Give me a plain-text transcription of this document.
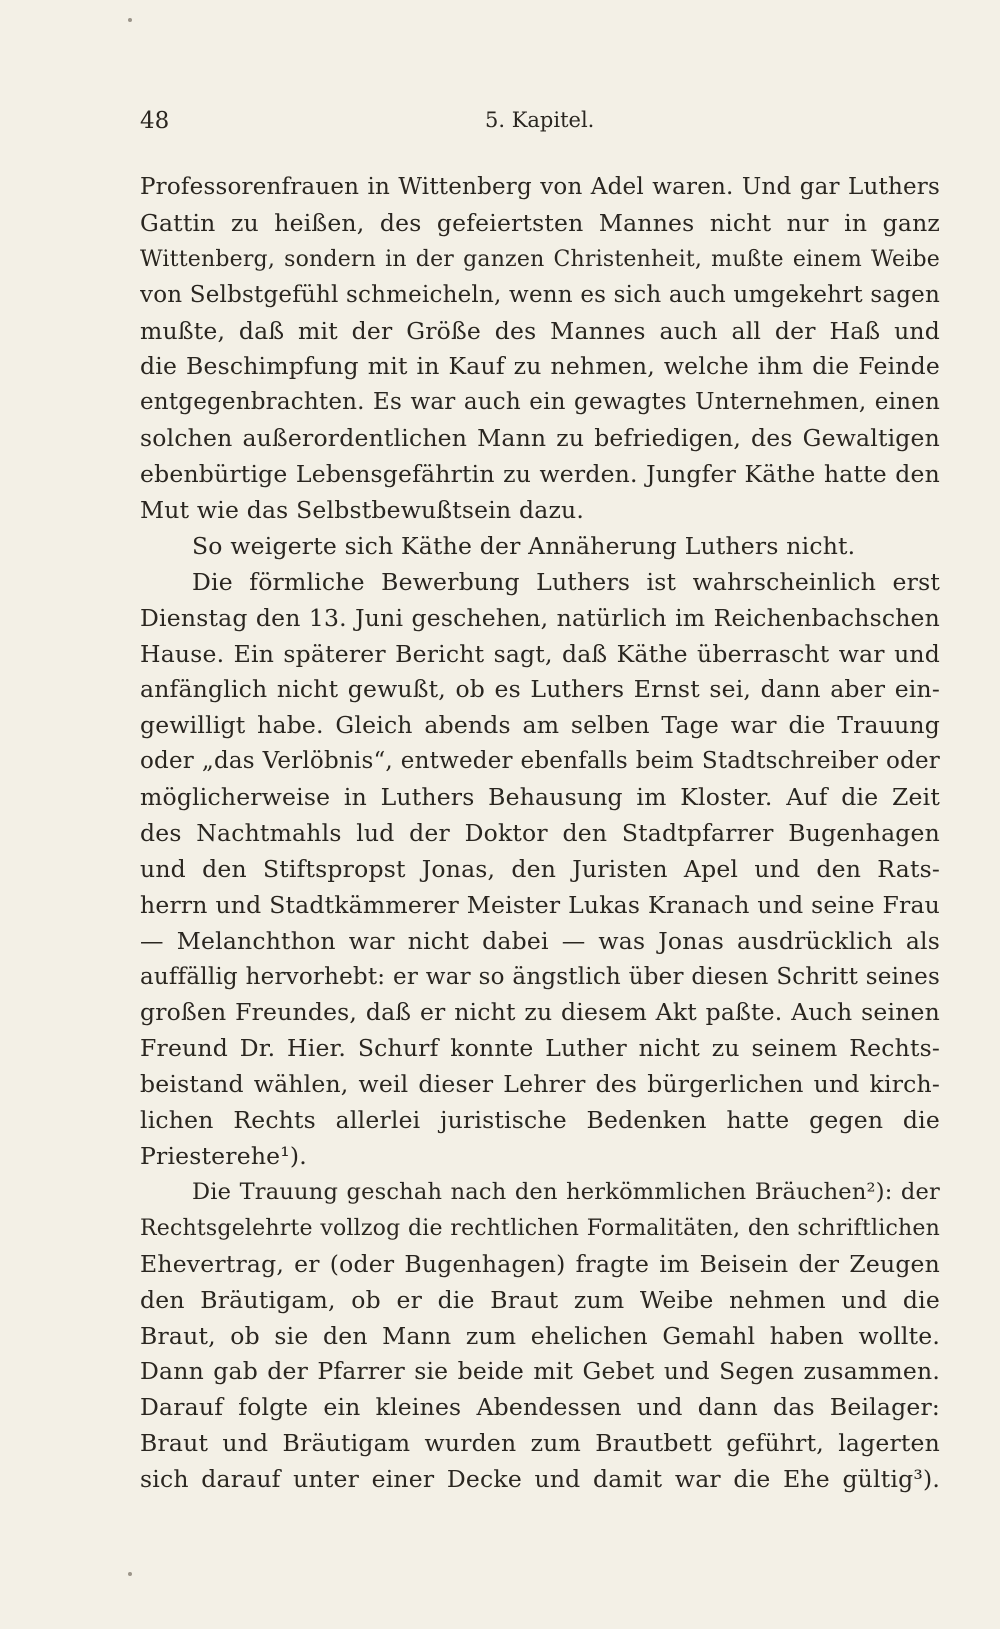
48	5. Kapitel.
Professorenfrauen in Wittenberg von Adel waren. Und gar Luthers
Gattin zu heißen, des gefeiertsten Mannes nicht nur in ganz
Wittenberg, sondern in der ganzen Christenheit, mußte einem Weibe
von Selbstgefühl schmeicheln, wenn es sich auch umgekehrt sagen
mußte, daß mit der Größe des Mannes auch all der Haß und
die Beschimpfung mit in Kauf zu nehmen, welche ihm die Feinde
entgegenbrachten. Es war auch ein gewagtes Unternehmen, einen
solchen außerordentlichen Mann zu befriedigen, des Gewaltigen
ebenbürtige Lebensgefährtin zu werden. Jungfer Käthe hatte den
Mut wie das Selbstbewußtsein dazu.
So weigerte sich Käthe der Annäherung Luthers nicht.
Die förmliche Bewerbung Luthers ist wahrscheinlich erst
Dienstag den 13. Juni geschehen, natürlich im Reichenbachschen
Hause. Ein späterer Bericht sagt, daß Käthe überrascht war und
anfänglich nicht gewußt, ob es Luthers Ernst sei, dann aber ein-
gewilligt habe. Gleich abends am selben Tage war die Trauung
oder „das Verlöbnis“, entweder ebenfalls beim Stadtschreiber oder
möglicherweise in Luthers Behausung im Kloster. Auf die Zeit
des Nachtmahls lud der Doktor den Stadtpfarrer Bugenhagen
und den Stiftspropst Jonas, den Juristen Apel und den Rats-
herrn und Stadtkämmerer Meister Lukas Kranach und seine Frau
— Melanchthon war nicht dabei — was Jonas ausdrücklich als
auffällig hervorhebt: er war so ängstlich über diesen Schritt seines
großen Freundes, daß er nicht zu diesem Akt paßte. Auch seinen
Freund Dr. Hier. Schurf konnte Luther nicht zu seinem Rechts-
beistand wählen, weil dieser Lehrer des bürgerlichen und kirch-
lichen Rechts allerlei juristische Bedenken hatte gegen die
Priesterehe¹).
Die Trauung geschah nach den herkömmlichen Bräuchen²): der
Rechtsgelehrte vollzog die rechtlichen Formalitäten, den schriftlichen
Ehevertrag, er (oder Bugenhagen) fragte im Beisein der Zeugen
den Bräutigam, ob er die Braut zum Weibe nehmen und die
Braut, ob sie den Mann zum ehelichen Gemahl haben wollte.
Dann gab der Pfarrer sie beide mit Gebet und Segen zusammen.
Darauf folgte ein kleines Abendessen und dann das Beilager:
Braut und Bräutigam wurden zum Brautbett geführt, lagerten
sich darauf unter einer Decke und damit war die Ehe gültig³).
